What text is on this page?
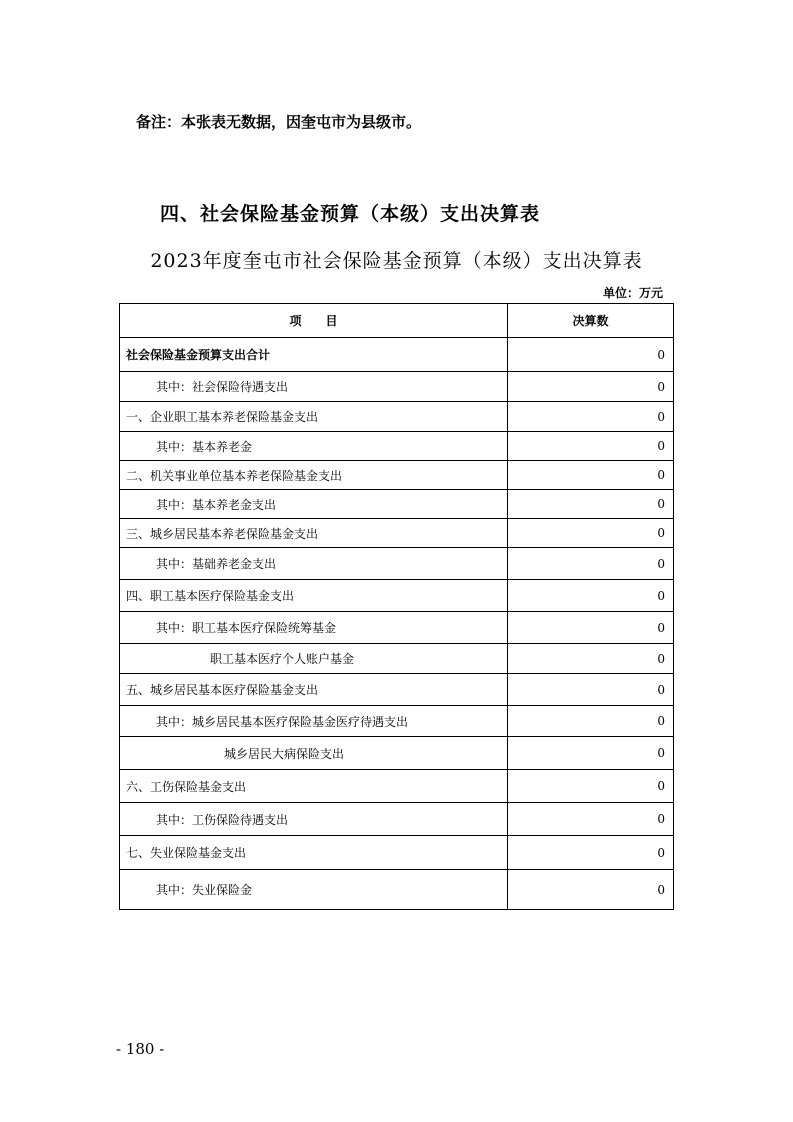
备注：本张表无数据，因奎屯市为县级市。
四、社会保险基金预算（本级）支出决算表
2023年度奎屯市社会保险基金预算（本级）支出决算表
单位：万元
项　　目	决算数
社会保险基金预算支出合计	0
其中：社会保险待遇支出	0
一、企业职工基本养老保险基金支出	0
其中：基本养老金	0
二、机关事业单位基本养老保险基金支出	0
其中：基本养老金支出	0
三、城乡居民基本养老保险基金支出	0
其中：基础养老金支出	0
四、职工基本医疗保险基金支出	0
其中：职工基本医疗保险统筹基金	0
职工基本医疗个人账户基金	0
五、城乡居民基本医疗保险基金支出	0
其中：城乡居民基本医疗保险基金医疗待遇支出	0
城乡居民大病保险支出	0
六、工伤保险基金支出	0
其中：工伤保险待遇支出	0
七、失业保险基金支出	0
其中：失业保险金	0
- 180 -
